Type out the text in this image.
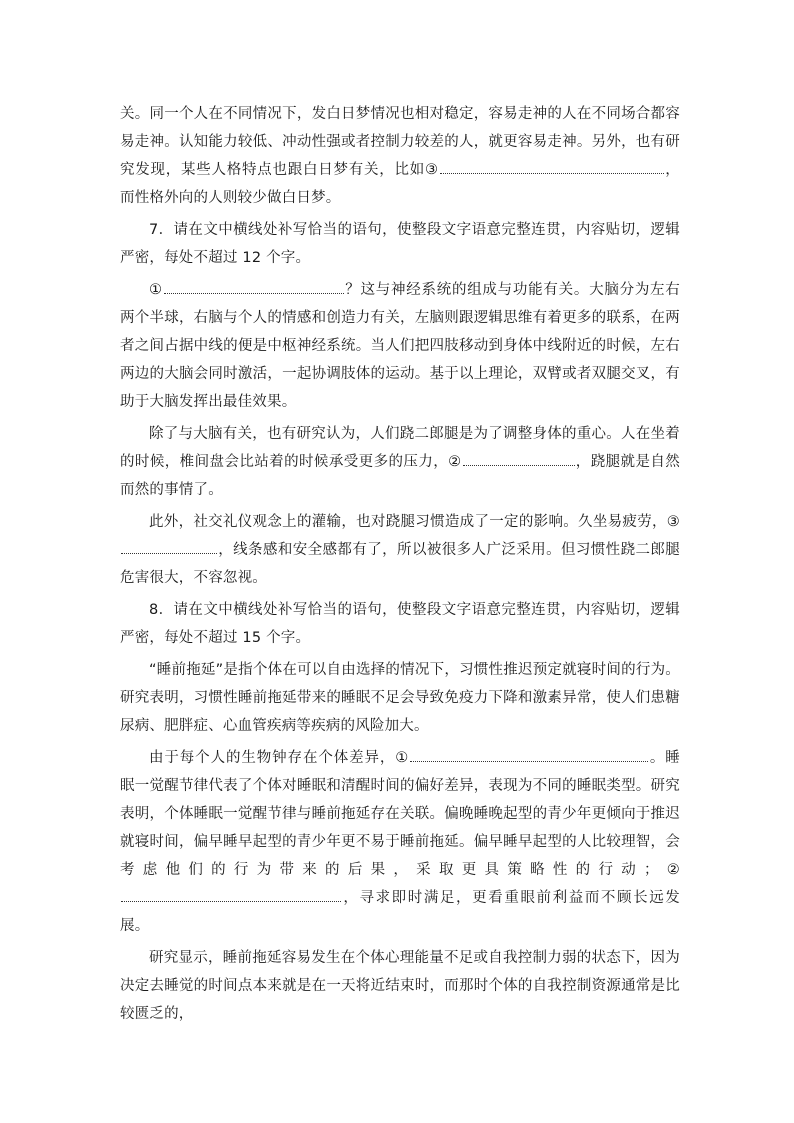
关。同一个人在不同情况下，发白日梦情况也相对稳定，容易走神的人在不同场合都容易走神。认知能力较低、冲动性强或者控制力较差的人，就更容易走神。另外，也有研究发现，某些人格特点也跟白日梦有关，比如③	，而性格外向的人则较少做白日梦。

7．请在文中横线处补写恰当的语句，使整段文字语意完整连贯，内容贴切，逻辑严密，每处不超过 12 个字。

①	？这与神经系统的组成与功能有关。大脑分为左右两个半球，右脑与个人的情感和创造力有关，左脑则跟逻辑思维有着更多的联系，在两者之间占据中线的便是中枢神经系统。当人们把四肢移动到身体中线附近的时候，左右两边的大脑会同时激活，一起协调肢体的运动。基于以上理论，双臂或者双腿交叉，有助于大脑发挥出最佳效果。

除了与大脑有关，也有研究认为，人们跷二郎腿是为了调整身体的重心。人在坐着的时候，椎间盘会比站着的时候承受更多的压力，②	，跷腿就是自然而然的事情了。

此外，社交礼仪观念上的灌输，也对跷腿习惯造成了一定的影响。久坐易疲劳，③，线条感和安全感都有了，所以被很多人广泛采用。但习惯性跷二郎腿危害很大，不容忽视。

8．请在文中横线处补写恰当的语句，使整段文字语意完整连贯，内容贴切，逻辑严密，每处不超过 15 个字。

“睡前拖延”是指个体在可以自由选择的情况下，习惯性推迟预定就寝时间的行为。研究表明，习惯性睡前拖延带来的睡眠不足会导致免疫力下降和激素异常，使人们患糖尿病、肥胖症、心血管疾病等疾病的风险加大。

由于每个人的生物钟存在个体差异，①	。睡眠一觉醒节律代表了个体对睡眠和清醒时间的偏好差异，表现为不同的睡眠类型。研究表明，个体睡眠一觉醒节律与睡前拖延存在关联。偏晚睡晚起型的青少年更倾向于推迟就寝时间，偏早睡早起型的青少年更不易于睡前拖延。偏早睡早起型的人比较理智，会考虑他们的行为带来的后果，采取更具策略性的行动；②，寻求即时满足，更看重眼前利益而不顾长远发展。

研究显示，睡前拖延容易发生在个体心理能量不足或自我控制力弱的状态下，因为决定去睡觉的时间点本来就是在一天将近结束时，而那时个体的自我控制资源通常是比较匮乏的，
